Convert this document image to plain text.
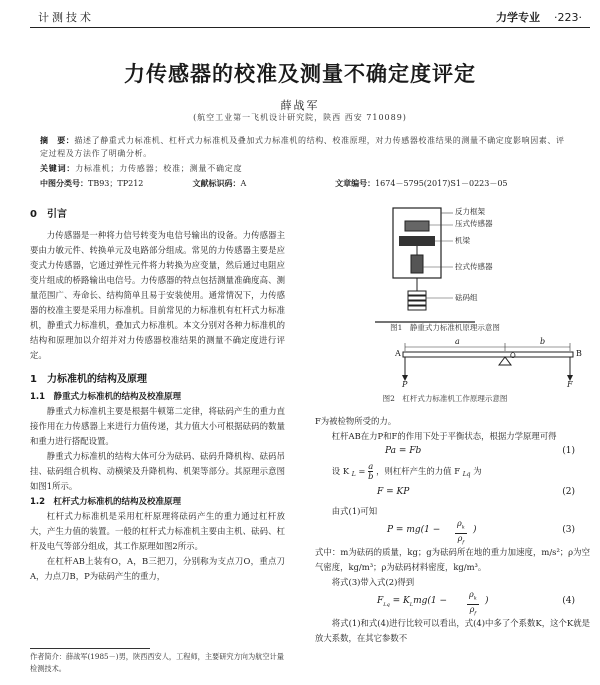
计测技术	力学专业 ·223·
力传感器的校准及测量不确定度评定
薛战军
(航空工业第一飞机设计研究院，陕西 西安 710089)
摘　要：描述了静重式力标准机、杠杆式力标准机及叠加式力标准机的结构、校准原理，对力传感器校准结果的测量不确定度影响因素、评定过程及方法作了明确分析。
关键词：力标准机；力传感器；校准；测量不确定度
中图分类号：TB93；TP212	文献标识码：A	文章编号：1674－5795(2017)S1－0223－05
0　引言

力传感器是一种将力信号转变为电信号输出的设备。力传感器主要由力敏元件、转换单元及电路部分组成。常见的力传感器主要是应变式力传感器，它通过弹性元件将力转换为应变量，然后通过电阻应变片组成的桥路输出电信号。力传感器的特点包括测量准确度高、测量范围广、寿命长、结构简单且易于安装使用。通常情况下，力传感器的校准主要是采用力标准机。目前常见的力标准机有杠杆式力标准机，静重式力标准机，叠加式力标准机。本文分别对各种力标准机的结构和原理加以介绍并对力传感器校准结果的测量不确定度进行评定。

1　力标准机的结构及原理
1.1　静重式力标准机的结构及校准原理

静重式力标准机主要是根据牛顿第二定律，将砝码产生的重力直接作用在力传感器上来进行力值传递，其力值大小可根据砝码的数量和重力进行搭配设置。

静重式力标准机的结构大体可分为砝码、砝码升降机构、砝码吊挂、砝码组合机构、动横梁及升降机构、机架等部分。其原理示意图如图1所示。

1.2　杠杆式力标准机的结构及校准原理

杠杆式力标准机是采用杠杆原理将砝码产生的重力通过杠杆放大，产生力值的装置。一般的杠杆式力标准机主要由主机、砝码、杠杆及电气等部分组成，其工作原理如图2所示。

在杠杆AB上装有O，A，B三把刀，分别称为支点刀O，重点刀A，力点刀B，P为砝码产生的重力，

反力框架
压式传感器
机梁
拉式传感器
砝码组
图1　静重式力标准机原理示意图
A	B
O
a	b
P	F
图2　杠杆式力标准机工作原理示意图

F为被检物所受的力。

杠杆AB在力P和F的作用下处于平衡状态，根据力学原理可得

Pa = Fb	(1)
设 K $_L = \frac{a}{b}$ ，则杠杆产生的力值 F $_{Lq}$ 为
F = KP	(2)

由式(1)可知

P = mg(1 −
$\rho_k$
$\rho_f$
)	(3)

式中：m为砝码的质量，kg；g为砝码所在地的重力加速度，m/s²；ρ为空气密度，kg/m³；ρ为砝码材料密度，kg/m³。

将式(3)带入式(2)得到

$F_{Lq} = K_Lmg(1$ −
$\rho_k$
$\rho_f$
)	(4)

将式(1)和式(4)进行比较可以看出，式(4)中多了个系数K，这个K就是放大系数，在其它参数不

作者简介：薛战军(1985－)男，陕西西安人，工程师，主要研究方向为航空计量检测技术。
